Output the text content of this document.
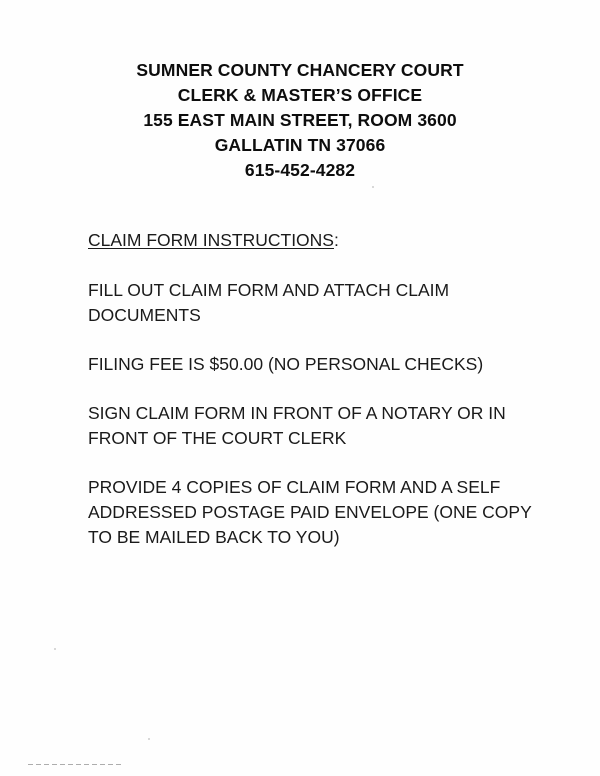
SUMNER COUNTY CHANCERY COURT
CLERK & MASTER’S OFFICE
155 EAST MAIN STREET, ROOM 3600
GALLATIN TN 37066
615-452-4282

CLAIM FORM INSTRUCTIONS:

FILL OUT CLAIM FORM AND ATTACH CLAIM
DOCUMENTS
FILING FEE IS $50.00 (NO PERSONAL CHECKS)
SIGN CLAIM FORM IN FRONT OF A NOTARY OR IN
FRONT OF THE COURT CLERK
PROVIDE 4 COPIES OF CLAIM FORM AND A SELF
ADDRESSED POSTAGE PAID ENVELOPE (ONE COPY
TO BE MAILED BACK TO YOU)
